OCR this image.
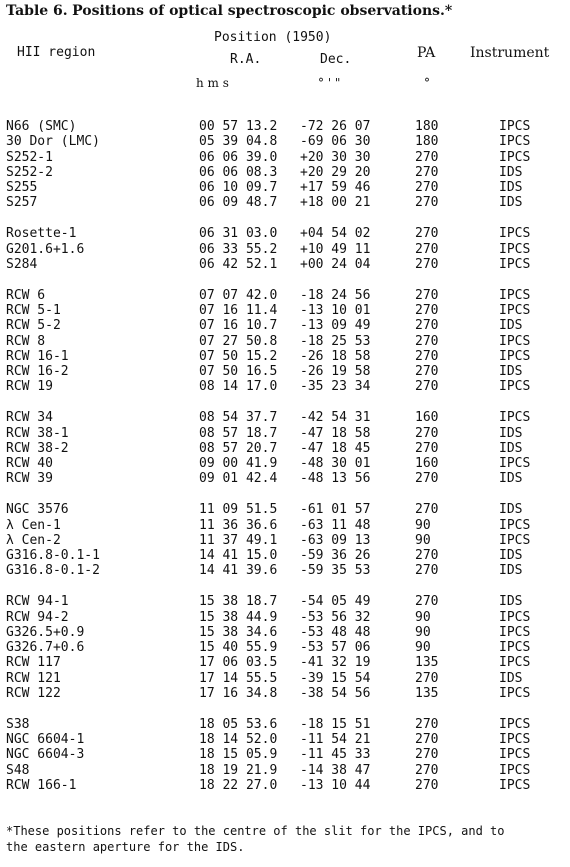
Table 6. Positions of optical spectroscopic observations.*
Position (1950)
HII region	PA Instrument
R.A.	Dec.
h m s	° ' "	°
N66 (SMC)	00 57 13.2 -72 26 07	180	IPCS
30 Dor (LMC)	05 39 04.8 -69 06 30	180	IPCS
S252-1	06 06 39.0 +20 30 30	270	IPCS
S252-2	06 06 08.3 +20 29 20	270	IDS
S255	06 10 09.7 +17 59 46	270	IDS
S257	06 09 48.7 +18 00 21	270	IDS
Rosette-1	06 31 03.0 +04 54 02	270	IPCS
G201.6+1.6	06 33 55.2 +10 49 11	270	IPCS
S284	06 42 52.1 +00 24 04	270	IPCS
RCW 6	07 07 42.0 -18 24 56	270	IPCS
RCW 5-1	07 16 11.4 -13 10 01	270	IPCS
RCW 5-2	07 16 10.7 -13 09 49	270	IDS
RCW 8	07 27 50.8 -18 25 53	270	IPCS
RCW 16-1	07 50 15.2 -26 18 58	270	IPCS
RCW 16-2	07 50 16.5 -26 19 58	270	IDS
RCW 19	08 14 17.0 -35 23 34	270	IPCS
RCW 34	08 54 37.7 -42 54 31	160	IPCS
RCW 38-1	08 57 18.7 -47 18 58	270	IDS
RCW 38-2	08 57 20.7 -47 18 45	270	IDS
RCW 40	09 00 41.9 -48 30 01	160	IPCS
RCW 39	09 01 42.4 -48 13 56	270	IDS
NGC 3576	11 09 51.5 -61 01 57	270	IDS
λ Cen-1	11 36 36.6 -63 11 48	90	IPCS
λ Cen-2	11 37 49.1 -63 09 13	90	IPCS
G316.8-0.1-1	14 41 15.0 -59 36 26	270	IDS
G316.8-0.1-2	14 41 39.6 -59 35 53	270	IDS
RCW 94-1	15 38 18.7 -54 05 49	270	IDS
RCW 94-2	15 38 44.9 -53 56 32	90	IPCS
G326.5+0.9	15 38 34.6 -53 48 48	90	IPCS
G326.7+0.6	15 40 55.9 -53 57 06	90	IPCS
RCW 117	17 06 03.5 -41 32 19	135	IPCS
RCW 121	17 14 55.5 -39 15 54	270	IDS
RCW 122	17 16 34.8 -38 54 56	135	IPCS
S38	18 05 53.6 -18 15 51	270	IPCS
NGC 6604-1	18 14 52.0 -11 54 21	270	IPCS
NGC 6604-3	18 15 05.9 -11 45 33	270	IPCS
S48	18 19 21.9 -14 38 47	270	IPCS
RCW 166-1	18 22 27.0 -13 10 44	270	IPCS
*These positions refer to the centre of the slit for the IPCS, and to
the eastern aperture for the IDS.
